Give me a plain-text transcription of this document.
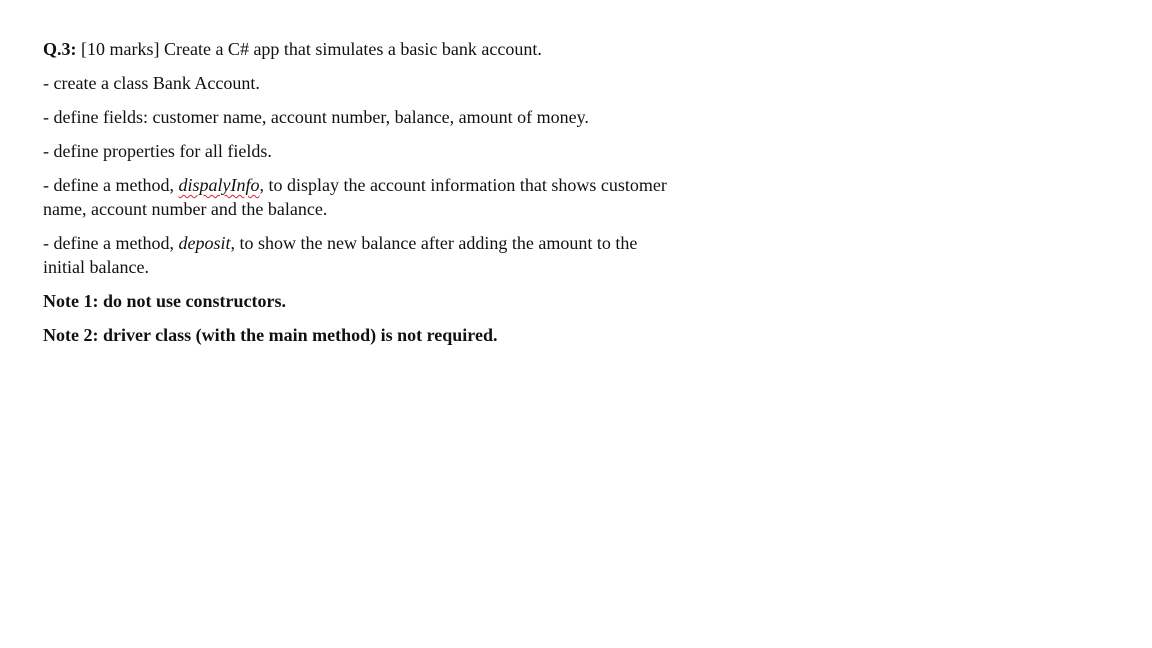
Q.3: [10 marks] Create a C# app that simulates a basic bank account.

- create a class Bank Account.

- define fields: customer name, account number, balance, amount of money.

- define properties for all fields.

- define a method, dispalyInfo, to display the account information that shows customer name, account number and the balance.

- define a method, deposit, to show the new balance after adding the amount to the initial balance.

Note 1: do not use constructors.

Note 2: driver class (with the main method) is not required.
